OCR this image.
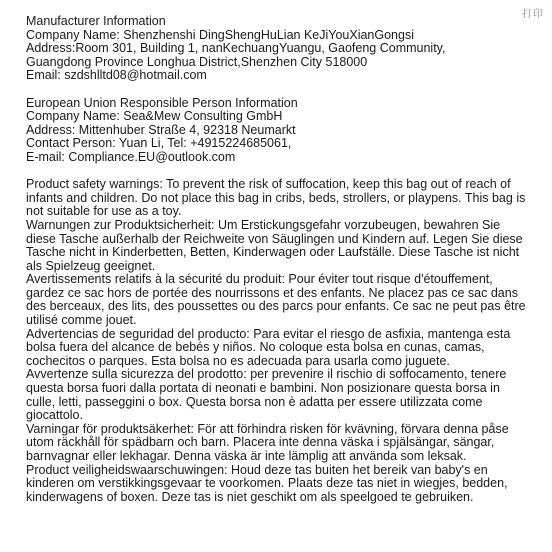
打印
Manufacturer Information
Company Name: Shenzhenshi DingShengHuLian KeJiYouXianGongsi
Address:Room 301, Building 1, nanKechuangYuangu, Gaofeng Community,
Guangdong Province Longhua District,Shenzhen City 518000
Email: szdshlltd08@hotmail.com
European Union Responsible Person Information
Company Name: Sea&Mew Consulting GmbH
Address: Mittenhuber Straße 4, 92318 Neumarkt
Contact Person: Yuan Li, Tel: +4915224685061,
E-mail: Compliance.EU@outlook.com
Product safety warnings: To prevent the risk of suffocation, keep this bag out of reach of infants and children. Do not place this bag in cribs, beds, strollers, or playpens. This bag is not suitable for use as a toy.
Warnungen zur Produktsicherheit: Um Erstickungsgefahr vorzubeugen, bewahren Sie diese Tasche außerhalb der Reichweite von Säuglingen und Kindern auf. Legen Sie diese Tasche nicht in Kinderbetten, Betten, Kinderwagen oder Laufställe. Diese Tasche ist nicht als Spielzeug geeignet.
Avertissements relatifs à la sécurité du produit: Pour éviter tout risque d'étouffement, gardez ce sac hors de portée des nourrissons et des enfants. Ne placez pas ce sac dans des berceaux, des lits, des poussettes ou des parcs pour enfants. Ce sac ne peut pas être utilisé comme jouet.
Advertencias de seguridad del producto: Para evitar el riesgo de asfixia, mantenga esta bolsa fuera del alcance de bebés y niños. No coloque esta bolsa en cunas, camas, cochecitos o parques. Esta bolsa no es adecuada para usarla como juguete.
Avvertenze sulla sicurezza del prodotto: per prevenire il rischio di soffocamento, tenere questa borsa fuori dalla portata di neonati e bambini. Non posizionare questa borsa in culle, letti, passeggini o box. Questa borsa non è adatta per essere utilizzata come giocattolo.
Varningar för produktsäkerhet: För att förhindra risken för kvävning, förvara denna påse utom räckhåll för spädbarn och barn. Placera inte denna väska i spjälsängar, sängar, barnvagnar eller lekhagar. Denna väska är inte lämplig att använda som leksak.
Product veiligheidswaarschuwingen: Houd deze tas buiten het bereik van baby's en kinderen om verstikkingsgevaar te voorkomen. Plaats deze tas niet in wiegjes, bedden, kinderwagens of boxen. Deze tas is niet geschikt om als speelgoed te gebruiken.
